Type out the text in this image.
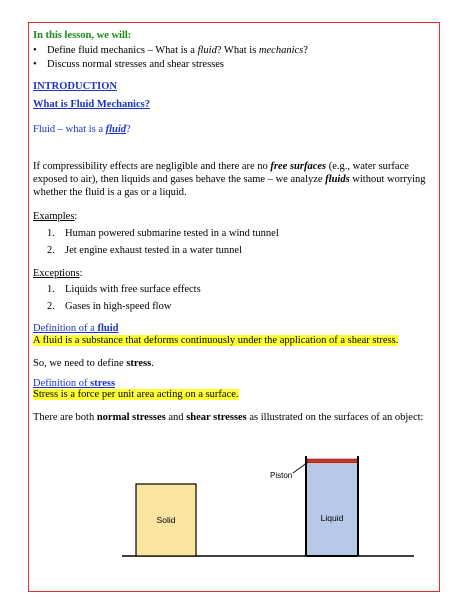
In this lesson, we will:
• Define fluid mechanics – What is a fluid? What is mechanics?
• Discuss normal stresses and shear stresses
INTRODUCTION
What is Fluid Mechanics?
Fluid – what is a fluid?
If compressibility effects are negligible and there are no free surfaces (e.g., water surface exposed to air), then liquids and gases behave the same – we analyze fluids without worrying whether the fluid is a gas or a liquid.
Examples:
1. Human powered submarine tested in a wind tunnel
2. Jet engine exhaust tested in a water tunnel
Exceptions:
1. Liquids with free surface effects
2. Gases in high-speed flow
Definition of a fluid
A fluid is a substance that deforms continuously under the application of a shear stress.
So, we need to define stress.
Definition of stress
Stress is a force per unit area acting on a surface.
There are both normal stresses and shear stresses as illustrated on the surfaces of an object:
Solid
Piston
Liquid
